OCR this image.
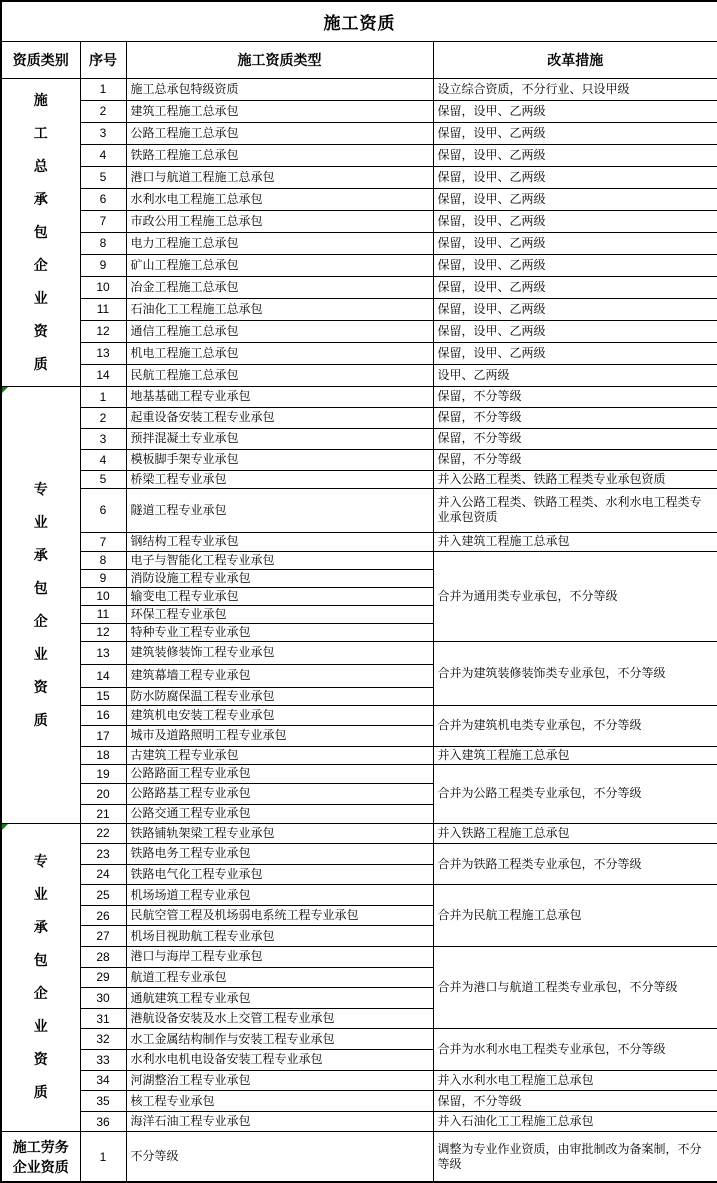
施工资质			
资质类别	序号	施工资质类型	改革措施

施
工
总
承
包
企
业
资
质
	1	施工总承包特级资质	设立综合资质，不分行业、只设甲级
	2	建筑工程施工总承包	保留，设甲、乙两级
	3	公路工程施工总承包	保留，设甲、乙两级
	4	铁路工程施工总承包	保留，设甲、乙两级
	5	港口与航道工程施工总承包	保留，设甲、乙两级
	6	水利水电工程施工总承包	保留，设甲、乙两级
	7	市政公用工程施工总承包	保留，设甲、乙两级
	8	电力工程施工总承包	保留，设甲、乙两级
	9	矿山工程施工总承包	保留，设甲、乙两级
	10	冶金工程施工总承包	保留，设甲、乙两级
	11	石油化工工程施工总承包	保留，设甲、乙两级
	12	通信工程施工总承包	保留，设甲、乙两级
	13	机电工程施工总承包	保留，设甲、乙两级
	14	民航工程施工总承包	设甲、乙两级

专
业
承
包
企
业
资
质
	1	地基基础工程专业承包	保留，不分等级
	2	起重设备安装工程专业承包	保留，不分等级
	3	预拌混凝土专业承包	保留，不分等级
	4	模板脚手架专业承包	保留，不分等级
	5	桥梁工程专业承包	并入公路工程类、铁路工程类专业承包资质
	6	隧道工程专业承包	并入公路工程类、铁路工程类、水利水电工程类专业承包资质
	7	钢结构工程专业承包	并入建筑工程施工总承包
	8	电子与智能化工程专业承包	合并为通用类专业承包，不分等级
	9	消防设施工程专业承包	
	10	输变电工程专业承包	
	11	环保工程专业承包	
	12	特种专业工程专业承包	
	13	建筑装修装饰工程专业承包	合并为建筑装修装饰类专业承包，不分等级
	14	建筑幕墙工程专业承包	
	15	防水防腐保温工程专业承包	
	16	建筑机电安装工程专业承包	合并为建筑机电类专业承包，不分等级
	17	城市及道路照明工程专业承包	
	18	古建筑工程专业承包	并入建筑工程施工总承包
	19	公路路面工程专业承包	合并为公路工程类专业承包，不分等级
	20	公路路基工程专业承包	
	21	公路交通工程专业承包	

专
业
承
包
企
业
资
质
	22	铁路铺轨架梁工程专业承包	并入铁路工程施工总承包
	23	铁路电务工程专业承包	合并为铁路工程类专业承包，不分等级
	24	铁路电气化工程专业承包	
	25	机场场道工程专业承包	合并为民航工程施工总承包
	26	民航空管工程及机场弱电系统工程专业承包	
	27	机场目视助航工程专业承包	
	28	港口与海岸工程专业承包	合并为港口与航道工程类专业承包，不分等级
	29	航道工程专业承包	
	30	通航建筑工程专业承包	
	31	港航设备安装及水上交管工程专业承包	
	32	水工金属结构制作与安装工程专业承包	合并为水利水电工程类专业承包，不分等级
	33	水利水电机电设备安装工程专业承包	
	34	河湖整治工程专业承包	并入水利水电工程施工总承包
	35	核工程专业承包	保留，不分等级
	36	海洋石油工程专业承包	并入石油化工工程施工总承包

施工劳务企业资质	1	不分等级	调整为专业作业资质，由审批制改为备案制，不分等级
